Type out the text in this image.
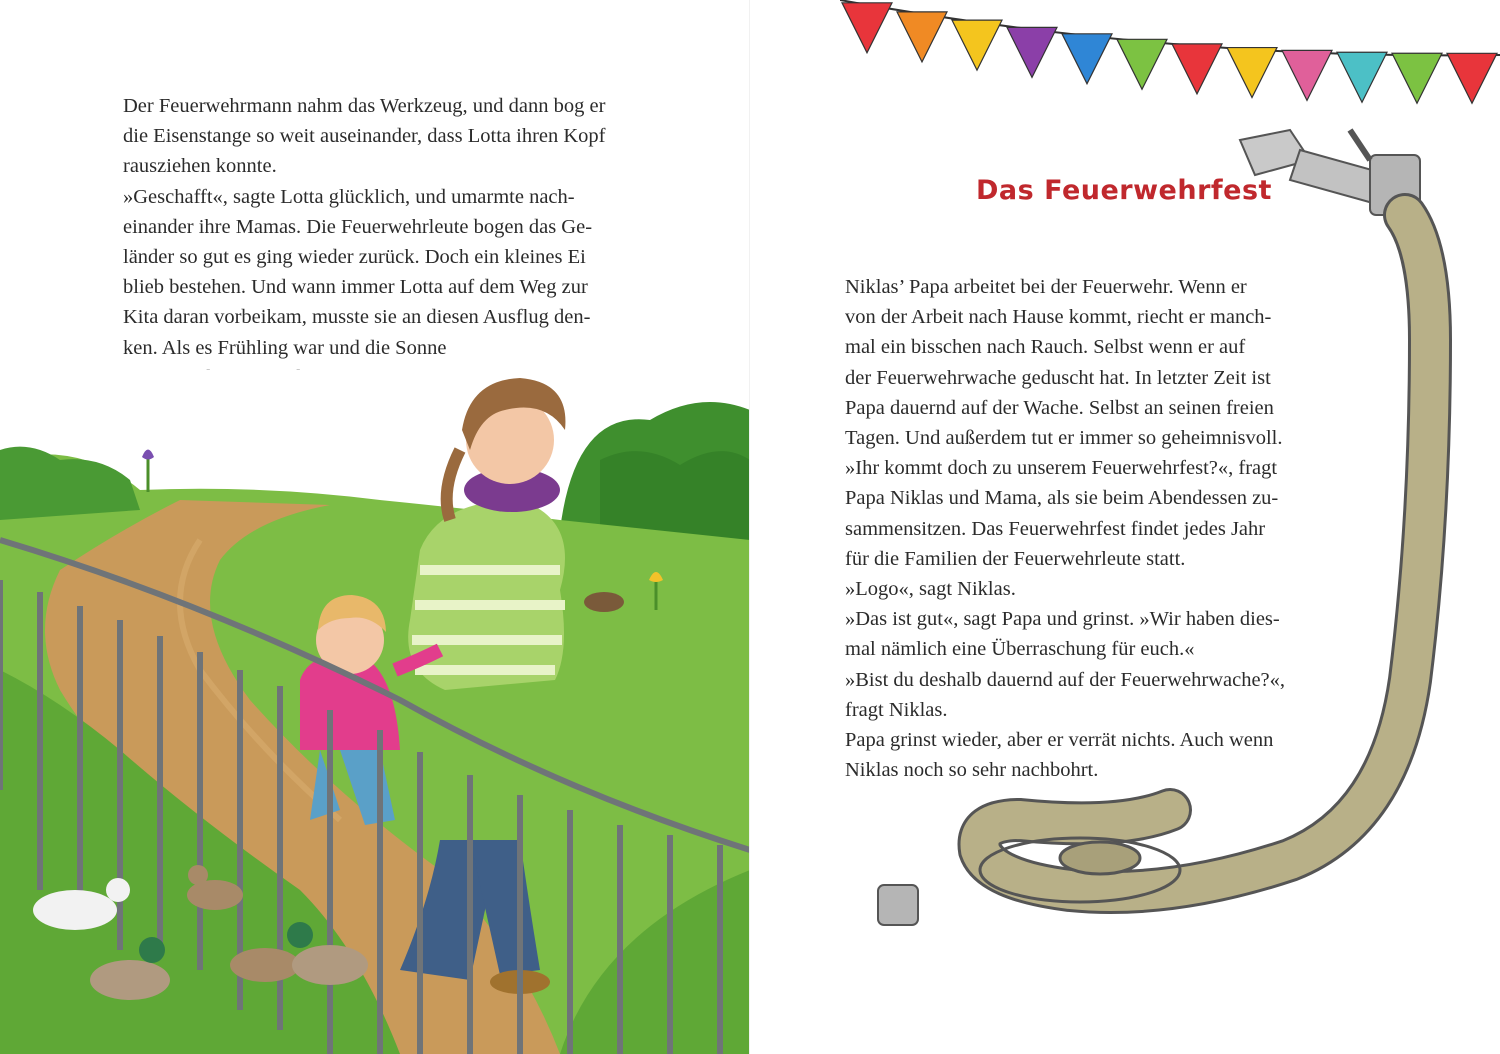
Der Feuerwehrmann nahm das Werkzeug, und dann bog er
die Eisenstange so weit auseinander, dass Lotta ihren Kopf
rausziehen konnte.
»Geschafft«, sagte Lotta glücklich, und umarmte nach-
einander ihre Mamas. Die Feuerwehrleute bogen das Ge-
länder so gut es ging wieder zurück. Doch ein kleines Ei
blieb bestehen. Und wann immer Lotta auf dem Weg zur
Kita daran vorbeikam, musste sie an diesen Ausflug den-
ken. Als es Frühling war und die Sonne

Das Feuerwehrfest

Niklas’ Papa arbeitet bei der Feuerwehr. Wenn er
von der Arbeit nach Hause kommt, riecht er manch-
mal ein bisschen nach Rauch. Selbst wenn er auf
der Feuerwehrwache geduscht hat. In letzter Zeit ist
Papa dauernd auf der Wache. Selbst an seinen freien
Tagen. Und außerdem tut er immer so geheimnisvoll.
»Ihr kommt doch zu unserem Feuerwehrfest?«, fragt
Papa Niklas und Mama, als sie beim Abendessen zu-
sammensitzen. Das Feuerwehrfest findet jedes Jahr
für die Familien der Feuerwehrleute statt.
»Logo«, sagt Niklas.
»Das ist gut«, sagt Papa und grinst. »Wir haben dies-
mal nämlich eine Überraschung für euch.«
»Bist du deshalb dauernd auf der Feuerwehrwache?«,
fragt Niklas.
Papa grinst wieder, aber er verrät nichts. Auch wenn
Niklas noch so sehr nachbohrt.
